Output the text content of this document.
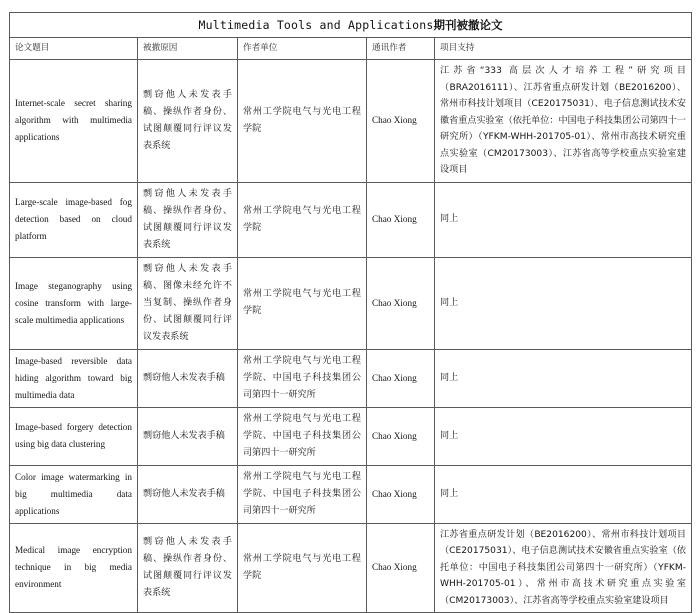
Multimedia Tools and Applications期刊被撤论文				

论文题目	被撤原因	作者单位	通讯作者	项目支持

Internet-scale secret sharing algorithm with multimedia applications	剽窃他人未发表手稿、操纵作者身份、试图颠覆同行评议发表系统	常州工学院电气与光电工程学院	Chao Xiong	江苏省“333 高层次人才培养工程”研究项目（BRA2016111）、江苏省重点研发计划（BE2016200）、常州市科技计划项目（CE20175031）、电子信息测试技术安徽省重点实验室（依托单位：中国电子科技集团公司第四十一研究所）（YFKM-WHH-201705-01）、常州市高技术研究重点实验室（CM20173003）、江苏省高等学校重点实验室建设项目

Large-scale image-based fog detection based on cloud platform	剽窃他人未发表手稿、操纵作者身份、试图颠覆同行评议发表系统	常州工学院电气与光电工程学院	Chao Xiong	同上

Image steganography using cosine transform with large-scale multimedia applications	剽窃他人未发表手稿、图像未经允许不当复制、操纵作者身份、试图颠覆同行评议发表系统	常州工学院电气与光电工程学院	Chao Xiong	同上

Image-based reversible data hiding algorithm toward big multimedia data	剽窃他人未发表手稿	常州工学院电气与光电工程学院、中国电子科技集团公司第四十一研究所	Chao Xiong	同上

Image-based forgery detection using big data clustering	剽窃他人未发表手稿	常州工学院电气与光电工程学院、中国电子科技集团公司第四十一研究所	Chao Xiong	同上

Color image watermarking in big multimedia data applications	剽窃他人未发表手稿	常州工学院电气与光电工程学院、中国电子科技集团公司第四十一研究所	Chao Xiong	同上

Medical image encryption technique in big media environment	剽窃他人未发表手稿、操纵作者身份、试图颠覆同行评议发表系统	常州工学院电气与光电工程学院	Chao Xiong	江苏省重点研发计划（BE2016200）、常州市科技计划项目（CE20175031）、电子信息测试技术安徽省重点实验室（依托单位：中国电子科技集团公司第四十一研究所）（YFKM-WHH-201705-01）、常州市高技术研究重点实验室（CM20173003）、江苏省高等学校重点实验室建设项目
